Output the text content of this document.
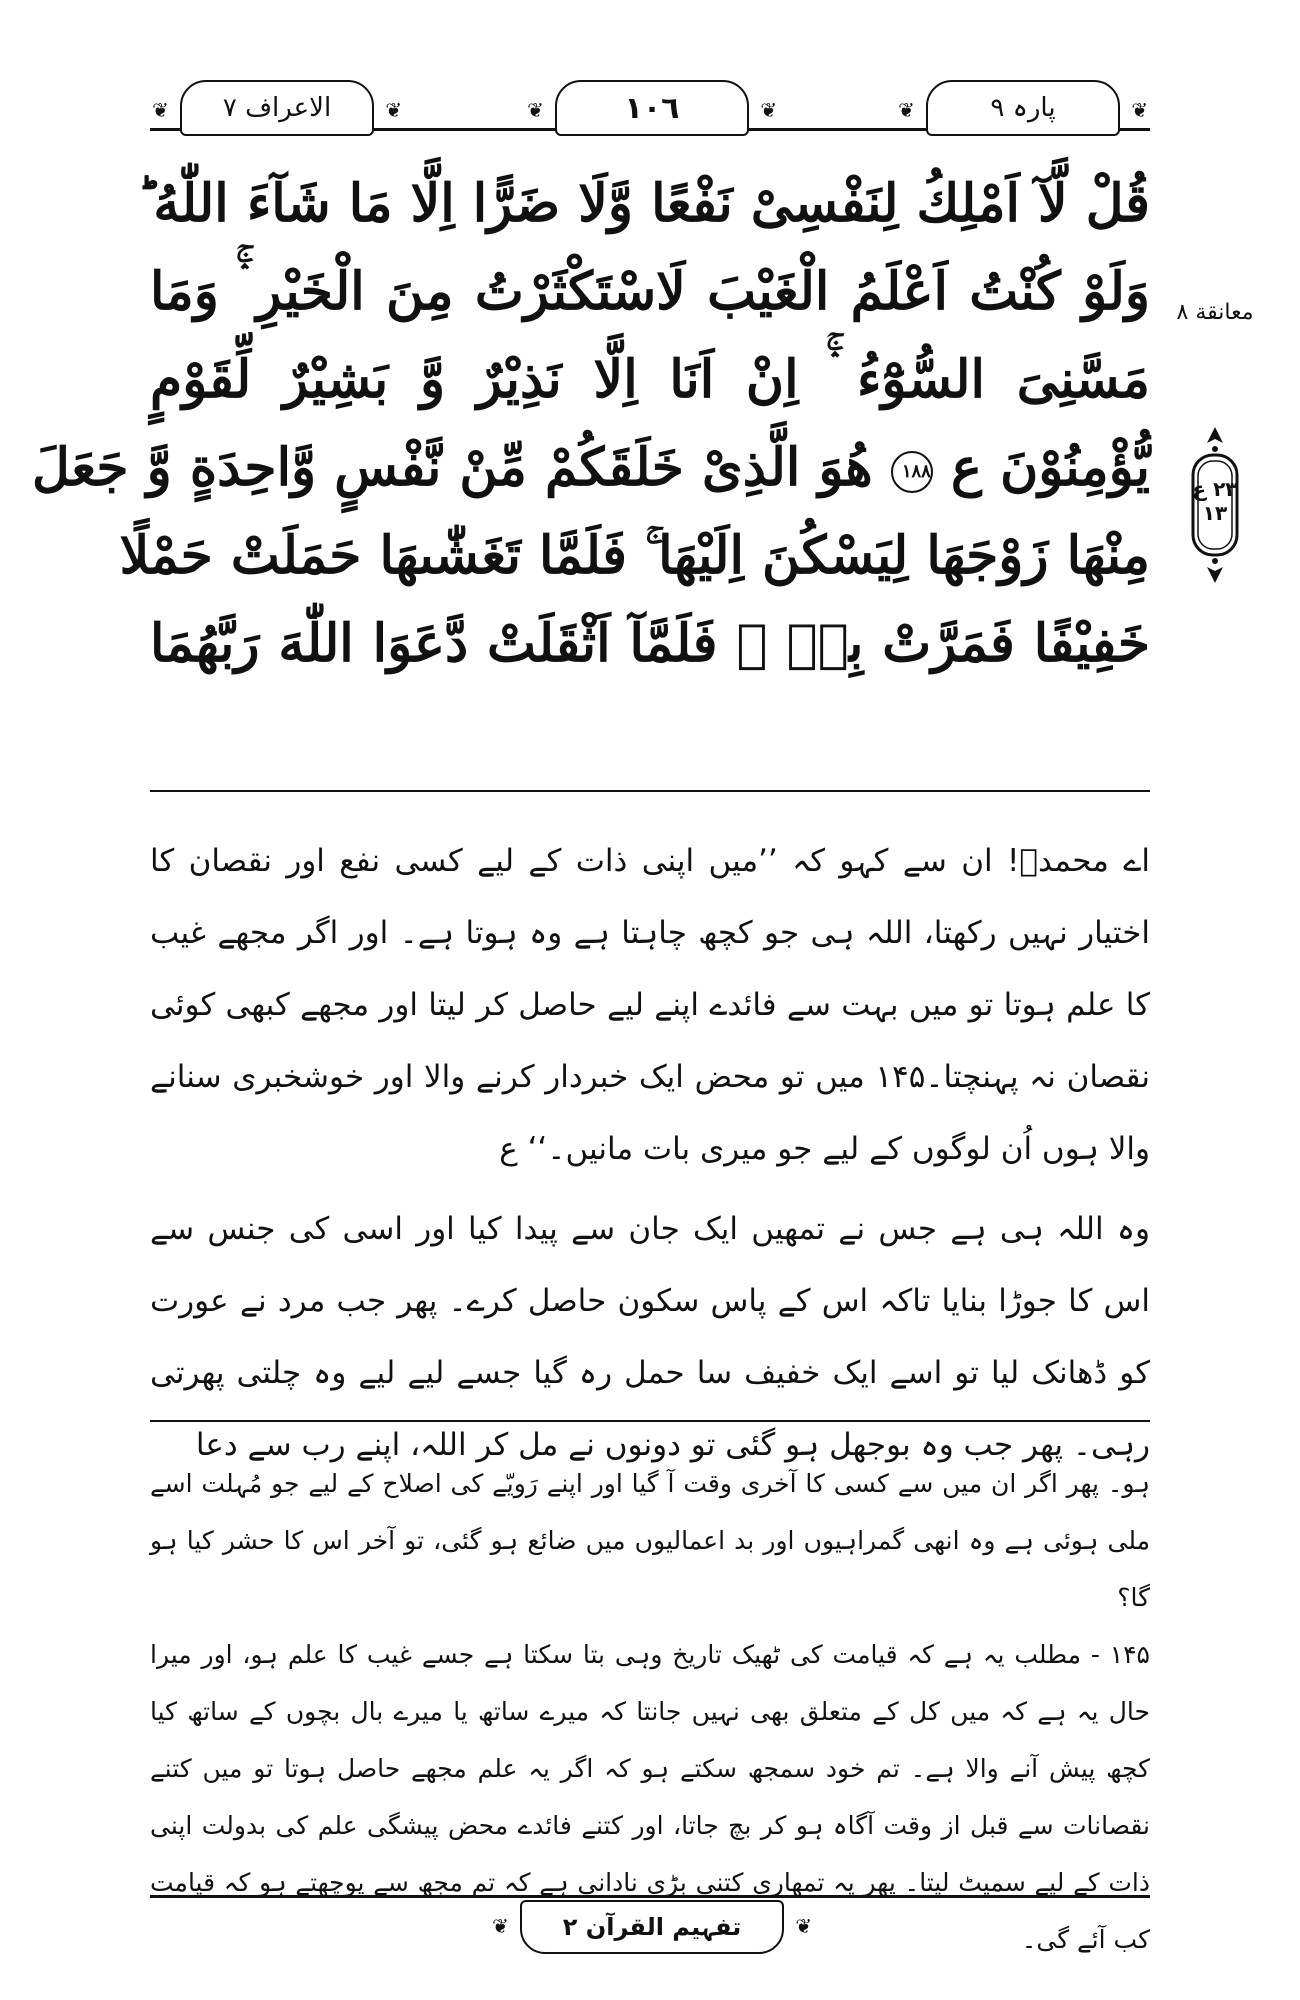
❦	پارہ ۹	❦
❦	١٠٦	❦
❦ الاعراف ٧	❦
قُلْ لَّآ اَمْلِكُ لِنَفْسِیْ نَفْعًا وَّلَا ضَرًّا اِلَّا مَا شَآءَ اللّٰهُ ؕ
وَلَوْ كُنْتُ اَعْلَمُ الْغَیْبَ لَاسْتَكْثَرْتُ مِنَ الْخَیْرِ ۛۚ وَمَا
مَسَّنِیَ السُّوْٓءُ ۛۚ اِنْ اَنَا اِلَّا نَذِیْرٌ وَّ بَشِیْرٌ لِّقَوْمٍ
یُّؤْمِنُوْنَ ع ١٨٨ هُوَ الَّذِیْ خَلَقَكُمْ مِّنْ نَّفْسٍ وَّاحِدَةٍ وَّ جَعَلَ
مِنْهَا زَوْجَهَا لِیَسْكُنَ اِلَیْهَا ۚ فَلَمَّا تَغَشّٰىهَا حَمَلَتْ حَمْلًا
خَفِیْفًا فَمَرَّتْ بِهٖ ۚ فَلَمَّآ اَثْقَلَتْ دَّعَوَا اللّٰهَ رَبَّهُمَا
معانقة ٨
٢٣ ع ١٣

اے محمدؐ! ان سے کہو کہ ’’میں اپنی ذات کے لیے کسی نفع اور نقصان کا اختیار نہیں رکھتا، اللہ ہی جو کچھ چاہتا ہے وہ ہوتا ہے۔ اور اگر مجھے غیب کا علم ہوتا تو میں بہت سے فائدے اپنے لیے حاصل کر لیتا اور مجھے کبھی کوئی نقصان نہ پہنچتا۔۱۴۵ میں تو محض ایک خبردار کرنے والا اور خوشخبری سنانے والا ہوں اُن لوگوں کے لیے جو میری بات مانیں۔‘‘ ع

وہ اللہ ہی ہے جس نے تمھیں ایک جان سے پیدا کیا اور اسی کی جنس سے اس کا جوڑا بنایا تاکہ اس کے پاس سکون حاصل کرے۔ پھر جب مرد نے عورت کو ڈھانک لیا تو اسے ایک خفیف سا حمل رہ گیا جسے لیے لیے وہ چلتی پھرتی رہی۔ پھر جب وہ بوجھل ہو گئی تو دونوں نے مل کر اللہ، اپنے رب سے دعا

ہو۔ پھر اگر ان میں سے کسی کا آخری وقت آ گیا اور اپنے رَویّے کی اصلاح کے لیے جو مُہلت اسے ملی ہوئی ہے وہ انھی گمراہیوں اور بد اعمالیوں میں ضائع ہو گئی، تو آخر اس کا حشر کیا ہو گا؟

۱۴۵ - مطلب یہ ہے کہ قیامت کی ٹھیک تاریخ وہی بتا سکتا ہے جسے غیب کا علم ہو، اور میرا حال یہ ہے کہ میں کل کے متعلق بھی نہیں جانتا کہ میرے ساتھ یا میرے بال بچوں کے ساتھ کیا کچھ پیش آنے والا ہے۔ تم خود سمجھ سکتے ہو کہ اگر یہ علم مجھے حاصل ہوتا تو میں کتنے نقصانات سے قبل از وقت آگاہ ہو کر بچ جاتا، اور کتنے فائدے محض پیشگی علم کی بدولت اپنی ذات کے لیے سمیٹ لیتا۔ پھر یہ تمھاری کتنی بڑی نادانی ہے کہ تم مجھ سے پوچھتے ہو کہ قیامت کب آئے گی۔

❦ تفہیم القرآن ٢	❦
